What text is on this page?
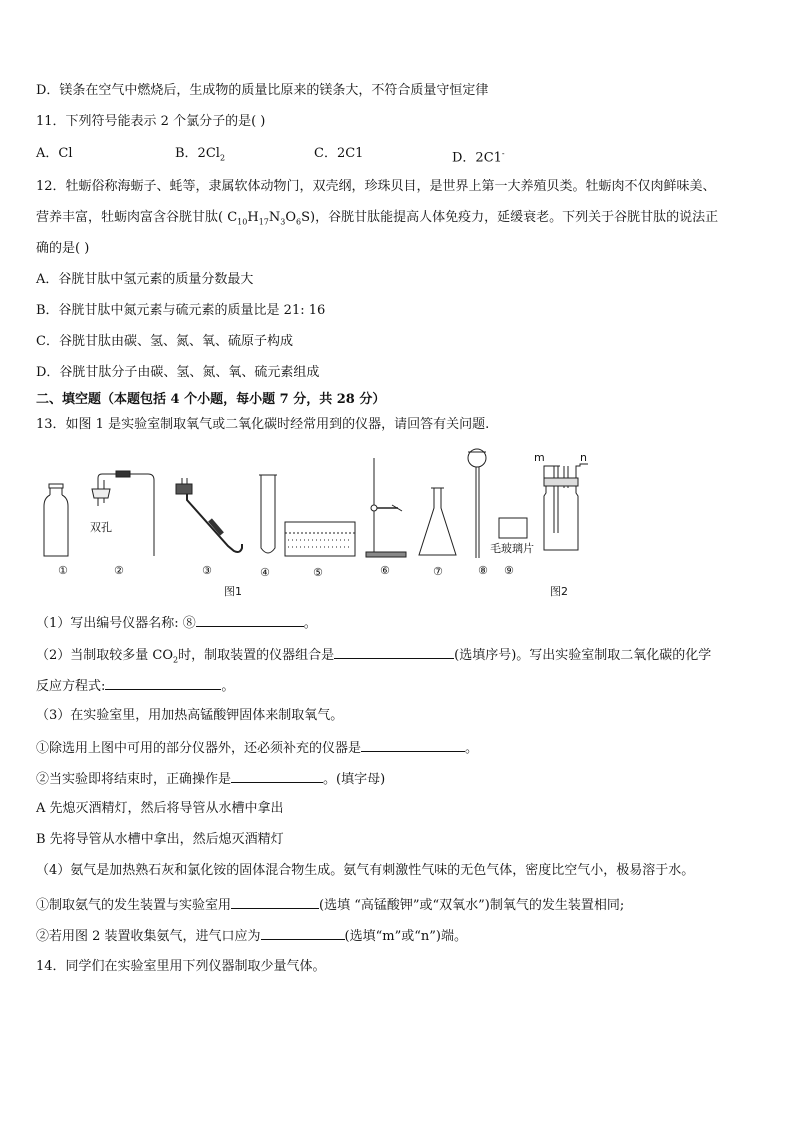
D．镁条在空气中燃烧后，生成物的质量比原来的镁条大，不符合质量守恒定律
11．下列符号能表示 2 个氯分子的是( )
A．Cl	B．$2Cl_2$	C．2C1	D．2C1-
12．牡蛎俗称海蛎子、蚝等，隶属软体动物门，双壳纲，珍珠贝目，是世界上第一大养殖贝类。牡蛎肉不仅肉鲜味美、
营养丰富，牡蛎肉富含谷胱甘肽( $C_{10}H_{17}N_3O_6S$)，谷胱甘肽能提高人体免疫力，延缓衰老。下列关于谷胱甘肽的说法正
确的是( )
A．谷胱甘肽中氢元素的质量分数最大
B．谷胱甘肽中氮元素与硫元素的质量比是 21: 16
C．谷胱甘肽由碳、氢、氮、氧、硫原子构成
D．谷胱甘肽分子由碳、氢、氮、氧、硫元素组成
二、填空题（本题包括 4 个小题，每小题 7 分，共 28 分）
13．如图 1 是实验室制取氧气或二氧化碳时经常用到的仪器，请回答有关问题.
双孔
毛玻璃片
m	n
①	②	③	④	⑤	⑥	⑦	⑧ ⑨
图1	图2
（1）写出编号仪器名称: ⑧	。
（2）当制取较多量 $CO_2$时，制取装置的仪器组合是	(选填序号)。写出实验室制取二氧化碳的化学
反应方程式:	。
（3）在实验室里，用加热高锰酸钾固体来制取氧气。
①除选用上图中可用的部分仪器外，还必须补充的仪器是	。
②当实验即将结束时，正确操作是	。(填字母)
A 先熄灭酒精灯，然后将导管从水槽中拿出
B 先将导管从水槽中拿出，然后熄灭酒精灯
（4）氨气是加热熟石灰和氯化铵的固体混合物生成。氨气有刺激性气味的无色气体，密度比空气小，极易溶于水。
①制取氨气的发生装置与实验室用	(选填 “高锰酸钾”或“双氧水”)制氧气的发生装置相同;
②若用图 2 装置收集氨气，进气口应为	(选填“m”或“n”)端。
14．同学们在实验室里用下列仪器制取少量气体。
